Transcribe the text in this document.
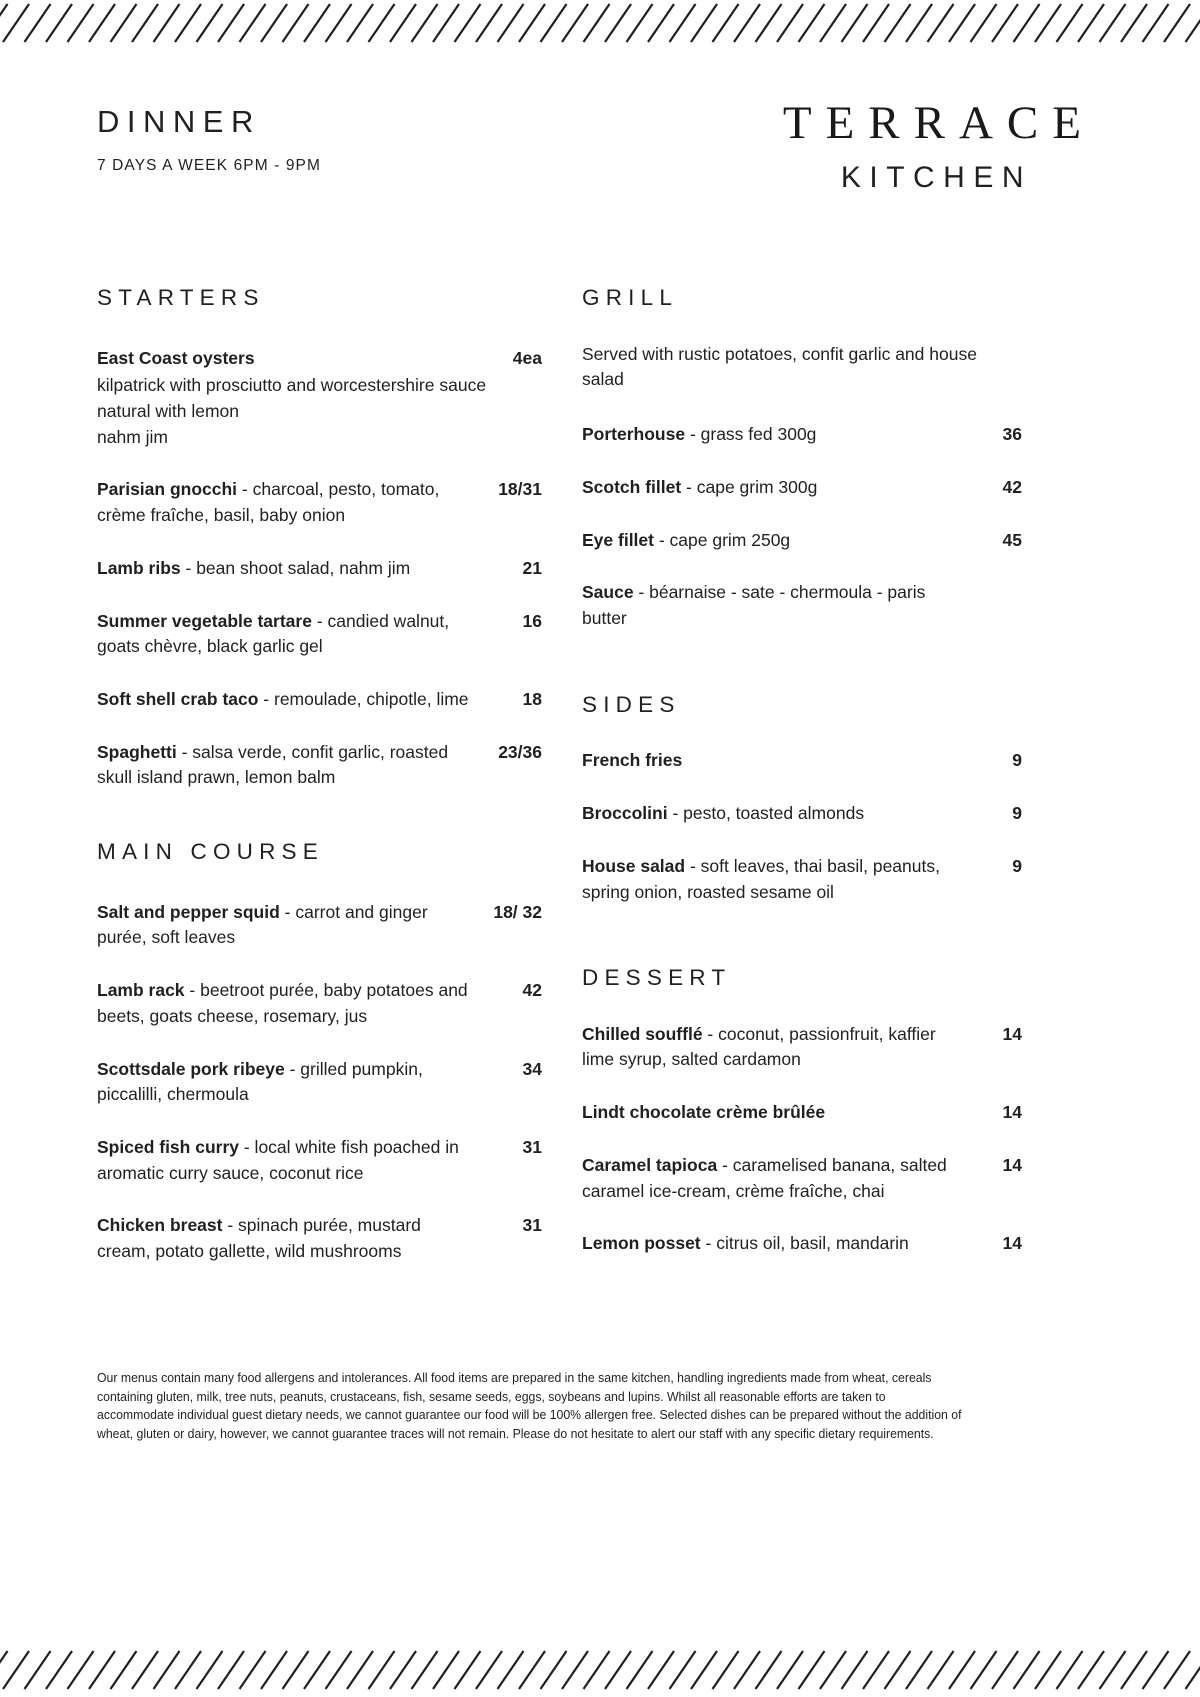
DINNER

7 DAYS A WEEK 6PM - 9PM

TERRACE
KITCHEN
STARTERS
East Coast oysters	4ea
kilpatrick with prosciutto and worcestershire sauce
natural with lemon
nahm jim
Parisian gnocchi - charcoal, pesto, tomato, crème fraîche, basil, baby onion
18/31
Lamb ribs - bean shoot salad, nahm jim	21
Summer vegetable tartare - candied walnut, goats chèvre, black garlic gel
16
Soft shell crab taco - remoulade, chipotle, lime	18
Spaghetti - salsa verde, confit garlic, roasted skull island prawn, lemon balm
23/36
MAIN COURSE
Salt and pepper squid - carrot and ginger purée, soft leaves
18/ 32
Lamb rack - beetroot purée, baby potatoes and beets, goats cheese, rosemary, jus
42
Scottsdale pork ribeye - grilled pumpkin, piccalilli, chermoula
34
Spiced fish curry - local white fish poached in aromatic curry sauce, coconut rice
31
Chicken breast - spinach purée, mustard cream, potato gallette, wild mushrooms
31
GRILL

Served with rustic potatoes, confit garlic and house salad

Porterhouse - grass fed 300g	36
Scotch fillet - cape grim 300g	42
Eye fillet - cape grim 250g	45
Sauce - béarnaise - sate - chermoula - paris butter
SIDES
French fries	9
Broccolini - pesto, toasted almonds	9
House salad - soft leaves, thai basil, peanuts, spring onion, roasted sesame oil
9
DESSERT
Chilled soufflé - coconut, passionfruit, kaffier lime syrup, salted cardamon
14
Lindt chocolate crème brûlée	14
Caramel tapioca - caramelised banana, salted caramel ice-cream, crème fraîche, chai
14
Lemon posset - citrus oil, basil, mandarin	14
Our menus contain many food allergens and intolerances. All food items are prepared in the same kitchen, handling ingredients made from wheat, cereals containing gluten, milk, tree nuts, peanuts, crustaceans, fish, sesame seeds, eggs, soybeans and lupins. Whilst all reasonable efforts are taken to accommodate individual guest dietary needs, we cannot guarantee our food will be 100% allergen free. Selected dishes can be prepared without the addition of wheat, gluten or dairy, however, we cannot guarantee traces will not remain. Please do not hesitate to alert our staff with any specific dietary requirements.
